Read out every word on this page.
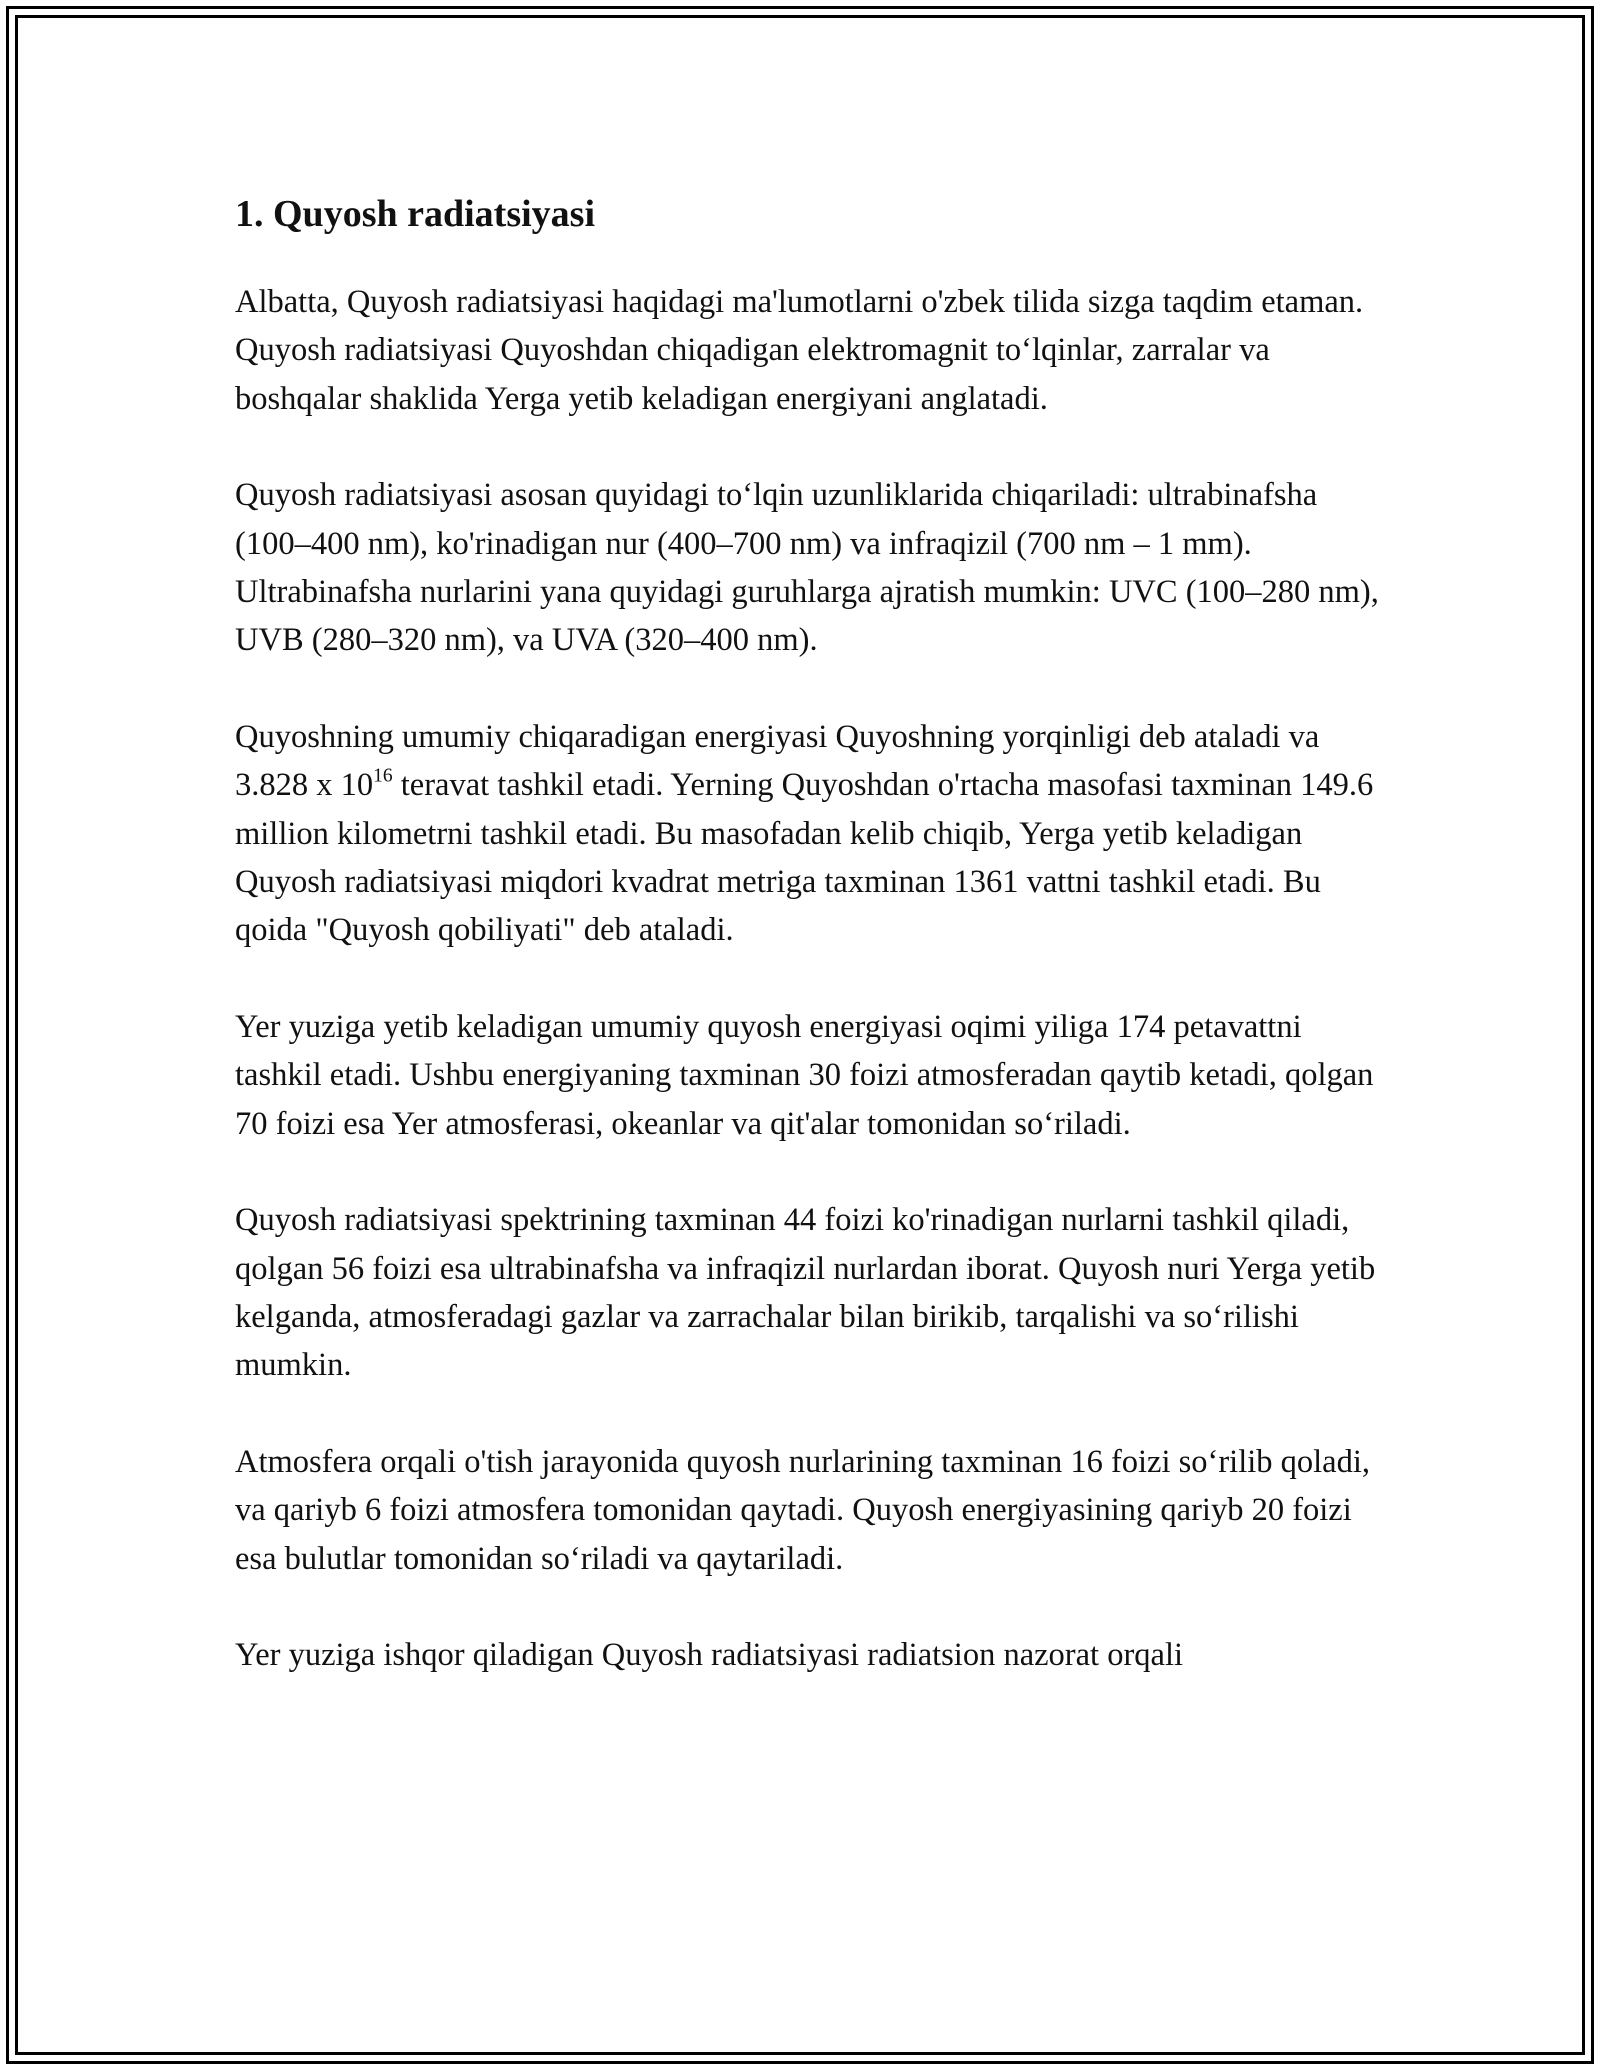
1. Quyosh radiatsiyasi

Albatta, Quyosh radiatsiyasi haqidagi ma'lumotlarni o'zbek tilida sizga taqdim etaman. Quyosh radiatsiyasi Quyoshdan chiqadigan elektromagnit to‘lqinlar, zarralar va boshqalar shaklida Yerga yetib keladigan energiyani anglatadi.

Quyosh radiatsiyasi asosan quyidagi to‘lqin uzunliklarida chiqariladi: ultrabinafsha (100–400 nm), ko'rinadigan nur (400–700 nm) va infraqizil (700 nm – 1 mm). Ultrabinafsha nurlarini yana quyidagi guruhlarga ajratish mumkin: UVC (100–280 nm), UVB (280–320 nm), va UVA (320–400 nm).

Quyoshning umumiy chiqaradigan energiyasi Quyoshning yorqinligi deb ataladi va 3.828 x $10^{16}$ teravat tashkil etadi. Yerning Quyoshdan o'rtacha masofasi taxminan 149.6 million kilometrni tashkil etadi. Bu masofadan kelib chiqib, Yerga yetib keladigan Quyosh radiatsiyasi miqdori kvadrat metriga taxminan 1361 vattni tashkil etadi. Bu qoida "Quyosh qobiliyati" deb ataladi.

Yer yuziga yetib keladigan umumiy quyosh energiyasi oqimi yiliga 174 petavattni tashkil etadi. Ushbu energiyaning taxminan 30 foizi atmosferadan qaytib ketadi, qolgan 70 foizi esa Yer atmosferasi, okeanlar va qit'alar tomonidan so‘riladi.

Quyosh radiatsiyasi spektrining taxminan 44 foizi ko'rinadigan nurlarni tashkil qiladi, qolgan 56 foizi esa ultrabinafsha va infraqizil nurlardan iborat. Quyosh nuri Yerga yetib kelganda, atmosferadagi gazlar va zarrachalar bilan birikib, tarqalishi va so‘rilishi mumkin.

Atmosfera orqali o'tish jarayonida quyosh nurlarining taxminan 16 foizi so‘rilib qoladi, va qariyb 6 foizi atmosfera tomonidan qaytadi. Quyosh energiyasining qariyb 20 foizi esa bulutlar tomonidan so‘riladi va qaytariladi.

Yer yuziga ishqor qiladigan Quyosh radiatsiyasi radiatsion nazorat orqali
